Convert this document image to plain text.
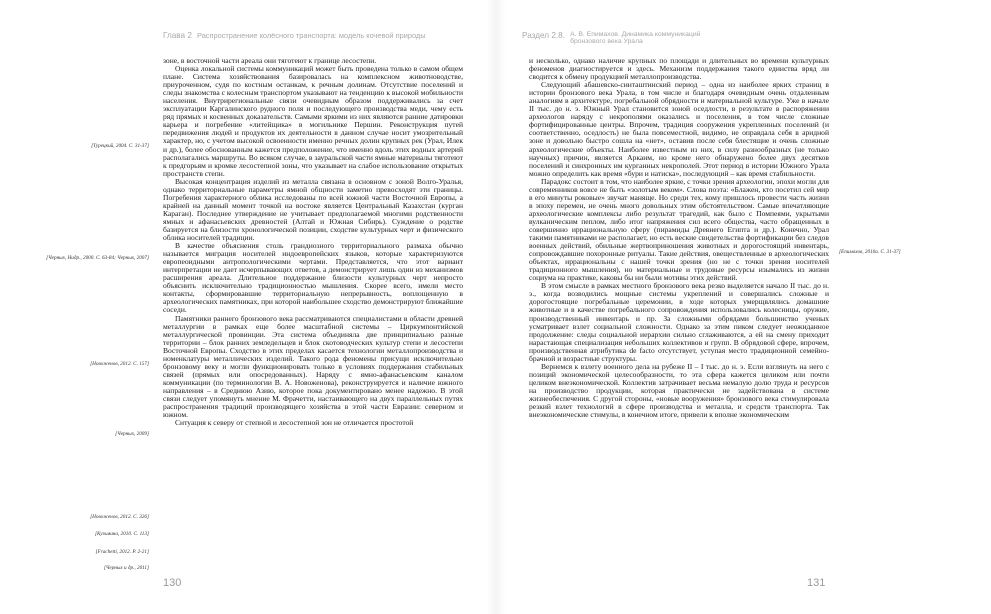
Глава 2 Распространение колёсного транспорта: модель кочевой природы

зоне, в восточной части ареала они тяготеют к границе лесостепи.

Оценка локальной системы коммуникаций может быть проведена только в самом общем плане. Система хозяйствования базировалась на комплексном животноводстве, приуроченном, судя по костным останкам, к речным долинам. Отсутствие поселений и следы знакомства с колесным транспортом указывают на тенденцию к высокой мобильности населения. Внутрирегиональные связи очевидным образом поддерживались за счет эксплуатации Каргалинского рудного поля и последующего производства меди, чему есть ряд прямых и косвенных доказательств. Самыми яркими из них являются ранние датировки карьера и погребение «литейщика» в могильнике Першин. Реконструкция путей передвижения людей и продуктов их деятельности в данном случае носит умозрительный характер, но, с учетом высокой освоенности именно речных долин крупных рек (Урал, Илек и др.), более обоснованным кажется предположение, что именно вдоль этих водных артерий располагались маршруты. Во всяком случае, в зауральской части ямные материалы тяготеют к предгорьям и кромке лесостепной зоны, что указывает на слабое использование открытых пространств степи.

Высокая концентрация изделий из металла связана в основном с зоной Волго-Уралья, однако территориальные параметры ямной общности заметно превосходят эти границы. Погребения характерного облика исследованы по всей южной части Восточной Европы, а крайней на данный момент точкой на востоке является Центральный Казахстан (курган Караган). Последнее утверждение не учитывает предполагаемой многими родственности ямных и афанасьевских древностей (Алтай и Южная Сибирь). Суждение о родстве базируется на близости хронологической позиции, сходстве культурных черт и физического облика носителей традиции.

В качестве объяснения столь грандиозного территориального размаха обычно называется миграция носителей индоевропейских языков, которые характеризуются европеоидными антропологическими чертами. Представляется, что этот вариант интерпретации не дает исчерпывающих ответов, а демонстрирует лишь один из механизмов расширения ареала. Длительное поддержание близости культурных черт непросто объяснить исключительно традиционностью мышления. Скорее всего, имели место контакты, сформировавшие территориальную непрерывность, воплощенную в археологических памятниках, при которой наибольшее сходство демонстрируют ближайшие соседи.

Памятники раннего бронзового века рассматриваются специалистами в области древней металлургии в рамках еще более масштабной системы – Циркумпонтийской металлургической провинции. Эта система объединяла две принципиально разные территории – блок ранних земледельцев и блок скотоводческих культур степи и лесостепи Восточной Европы. Сходство в этих пределах касается технологии металлопроизводства и номенклатуры металлических изделий. Такого рода феномены присущи исключительно бронзовому веку и могли функционировать только в условиях поддержания стабильных связей (прямых или опосредованных). Наряду с ямно-афанасьевским каналом коммуникации (по терминологии В. А. Новоженова), реконструируется и наличие южного направления – в Среднюю Азию, которое пока документировано менее надежно. В этой связи следует упомянуть мнение М. Фрачетти, настаивающего на двух параллельных путях распространения традиций производящего хозяйства в этой части Евразии: северном и южном.

Ситуация к северу от степной и лесостепной зон не отличается простотой

[Турецкий, 2004. С. 31-37]
[Черных, Нидр., 2000. С. 63-84; Черных, 2007]
[Новоженов, 2012. С. 157]
[Черных, 2009]
[Новоженов, 2012. С. 326]
[Кузьмина, 2010. С. 113]
[Frachetti, 2012. P. 2-21]
[Черных и др., 2011]
130
Раздел 2.8. А. В. Епимахов. Динамика коммуникаций
бронзового века Урала

и несколько, однако наличие крупных по площади и длительных во времени культурных феноменов диагностируется и здесь. Механизм поддержания такого единства вряд ли сводится к обмену продукцией металлопроизводства.

Следующий абашевско-синташтинский период – одна из наиболее ярких страниц в истории бронзового века Урала, в том числе и благодаря очевидным очень отдаленным аналогиям в архитектуре, погребальной обрядности и материальной культуре. Уже в начале II тыс. до н. э. Южный Урал становится зоной оседлости, в результате в распоряжении археологов наряду с некрополями оказались и поселения, в том числе сложные фортифицированные центры. Впрочем, традиция сооружения укрепленных поселений (и соответственно, оседлость) не была повсеместной, видимо, не оправдала себя в аридной зоне и довольно быстро сошла на «нет», оставив после себя блестящие и очень сложные археологические объекты. Наиболее известным из них, в силу разнообразных (не только научных) причин, является Аркаим, но кроме него обнаружено более двух десятков поселений и синхронных им курганных некрополей. Этот период в истории Южного Урала можно определить как время «бури и натиска», последующий – как время стабильности.

Парадокс состоит в том, что наиболее яркие, с точки зрения археологии, эпохи могли для современников вовсе не быть «золотым веком». Слова поэта: «Блажен, кто посетил сей мир в его минуты роковые» звучат маняще. Но среди тех, кому пришлось провести часть жизни в эпоху перемен, не очень много довольных этим обстоятельством. Самые впечатляющие археологические комплексы либо результат трагедий, как было с Помпеями, укрытыми вулканическим пеплом, либо итог напряжения сил всего общества, часто обращенных в совершенно иррациональную сферу (пирамиды Древнего Египта и др.). Конечно, Урал такими памятниками не располагает, но есть веские свидетельства фортификации без следов военных действий, обильные жертвоприношения животных и дорогостоящий инвентарь, сопровождавшие похоронные ритуалы. Такие действия, овеществленные в археологических объектах, иррациональны с нашей точки зрения (но не с точки зрения носителей традиционного мышления), но материальные и трудовые ресурсы изымались из жизни социума на практике, каковы бы ни были мотивы этих действий.

В этом смысле в рамках местного бронзового века резко выделяется начало II тыс. до н. э., когда возводились мощные системы укреплений и совершались сложные и дорогостоящие погребальные церемонии, в ходе которых умерщвлялись домашние животные и в качестве погребального сопровождения использовались колесницы, оружие, производственный инвентарь и пр. За сложными обрядами большинство ученых усматривает взлет социальной сложности. Однако за этим пиком следует неожиданное продолжение: следы социальной иерархии сильно сглаживаются, а ей на смену приходит нарастающая специализация небольших коллективов и групп. В обрядовой сфере, впрочем, производственная атрибутика de facto отсутствует, уступая место традиционной семейно-брачной и возрастные структуры.

Вернемся к взлету военного дела на рубеже II – I тыс. до н. э. Если взглянуть на него с позиций экономической целесообразности, то эта сфера кажется целиком или почти целиком внеэкономической. Коллектив затрачивает весьма немалую долю труда и ресурсов на производство продукции, которая практически не задействована в системе жизнеобеспечения. С другой стороны, «новые вооружения» бронзового века стимулировала резкий взлет технологий в сфере производства и металла, и средств транспорта. Так внеэкономические стимулы, в конечном итоге, привели к вполне экономическим

[Епимахов, 2010а. С. 31-37]
131
